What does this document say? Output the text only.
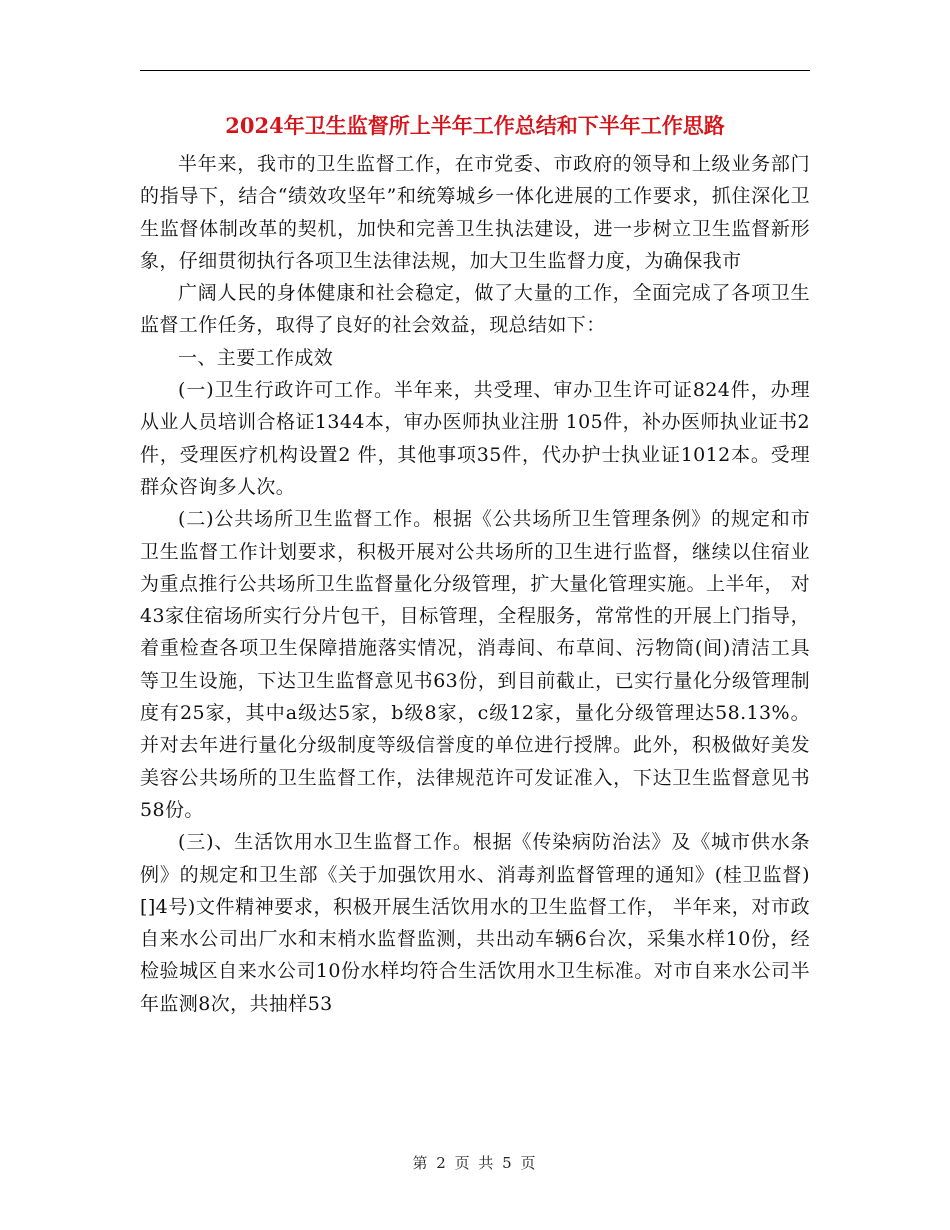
2024年卫生监督所上半年工作总结和下半年工作思路

半年来，我市的卫生监督工作，在市党委、市政府的领导和上级业务部门的指导下，结合“绩效攻坚年”和统筹城乡一体化进展的工作要求，抓住深化卫生监督体制改革的契机，加快和完善卫生执法建设，进一步树立卫生监督新形象，仔细贯彻执行各项卫生法律法规，加大卫生监督力度，为确保我市

广阔人民的身体健康和社会稳定，做了大量的工作，全面完成了各项卫生监督工作任务，取得了良好的社会效益，现总结如下：

一、主要工作成效

(一)卫生行政许可工作。半年来，共受理、审办卫生许可证824件，办理从业人员培训合格证1344本，审办医师执业注册 105件，补办医师执业证书2件，受理医疗机构设置2 件，其他事项35件，代办护士执业证1012本。受理群众咨询多人次。

(二)公共场所卫生监督工作。根据《公共场所卫生管理条例》的规定和市卫生监督工作计划要求，积极开展对公共场所的卫生进行监督，继续以住宿业为重点推行公共场所卫生监督量化分级管理，扩大量化管理实施。上半年， 对43家住宿场所实行分片包干，目标管理，全程服务，常常性的开展上门指导，着重检查各项卫生保障措施落实情况，消毒间、布草间、污物筒(间)清洁工具等卫生设施，下达卫生监督意见书63份，到目前截止，已实行量化分级管理制度有25家，其中a级达5家，b级8家，c级12家，量化分级管理达58.13%。并对去年进行量化分级制度等级信誉度的单位进行授牌。此外，积极做好美发美容公共场所的卫生监督工作，法律规范许可发证准入，下达卫生监督意见书58份。

(三)、生活饮用水卫生监督工作。根据《传染病防治法》及《城市供水条例》的规定和卫生部《关于加强饮用水、消毒剂监督管理的通知》(桂卫监督)[]4号)文件精神要求，积极开展生活饮用水的卫生监督工作， 半年来，对市政自来水公司出厂水和末梢水监督监测，共出动车辆6台次，采集水样10份，经检验城区自来水公司10份水样均符合生活饮用水卫生标准。对市自来水公司半年监测8次，共抽样53

第 2 页 共 5 页
